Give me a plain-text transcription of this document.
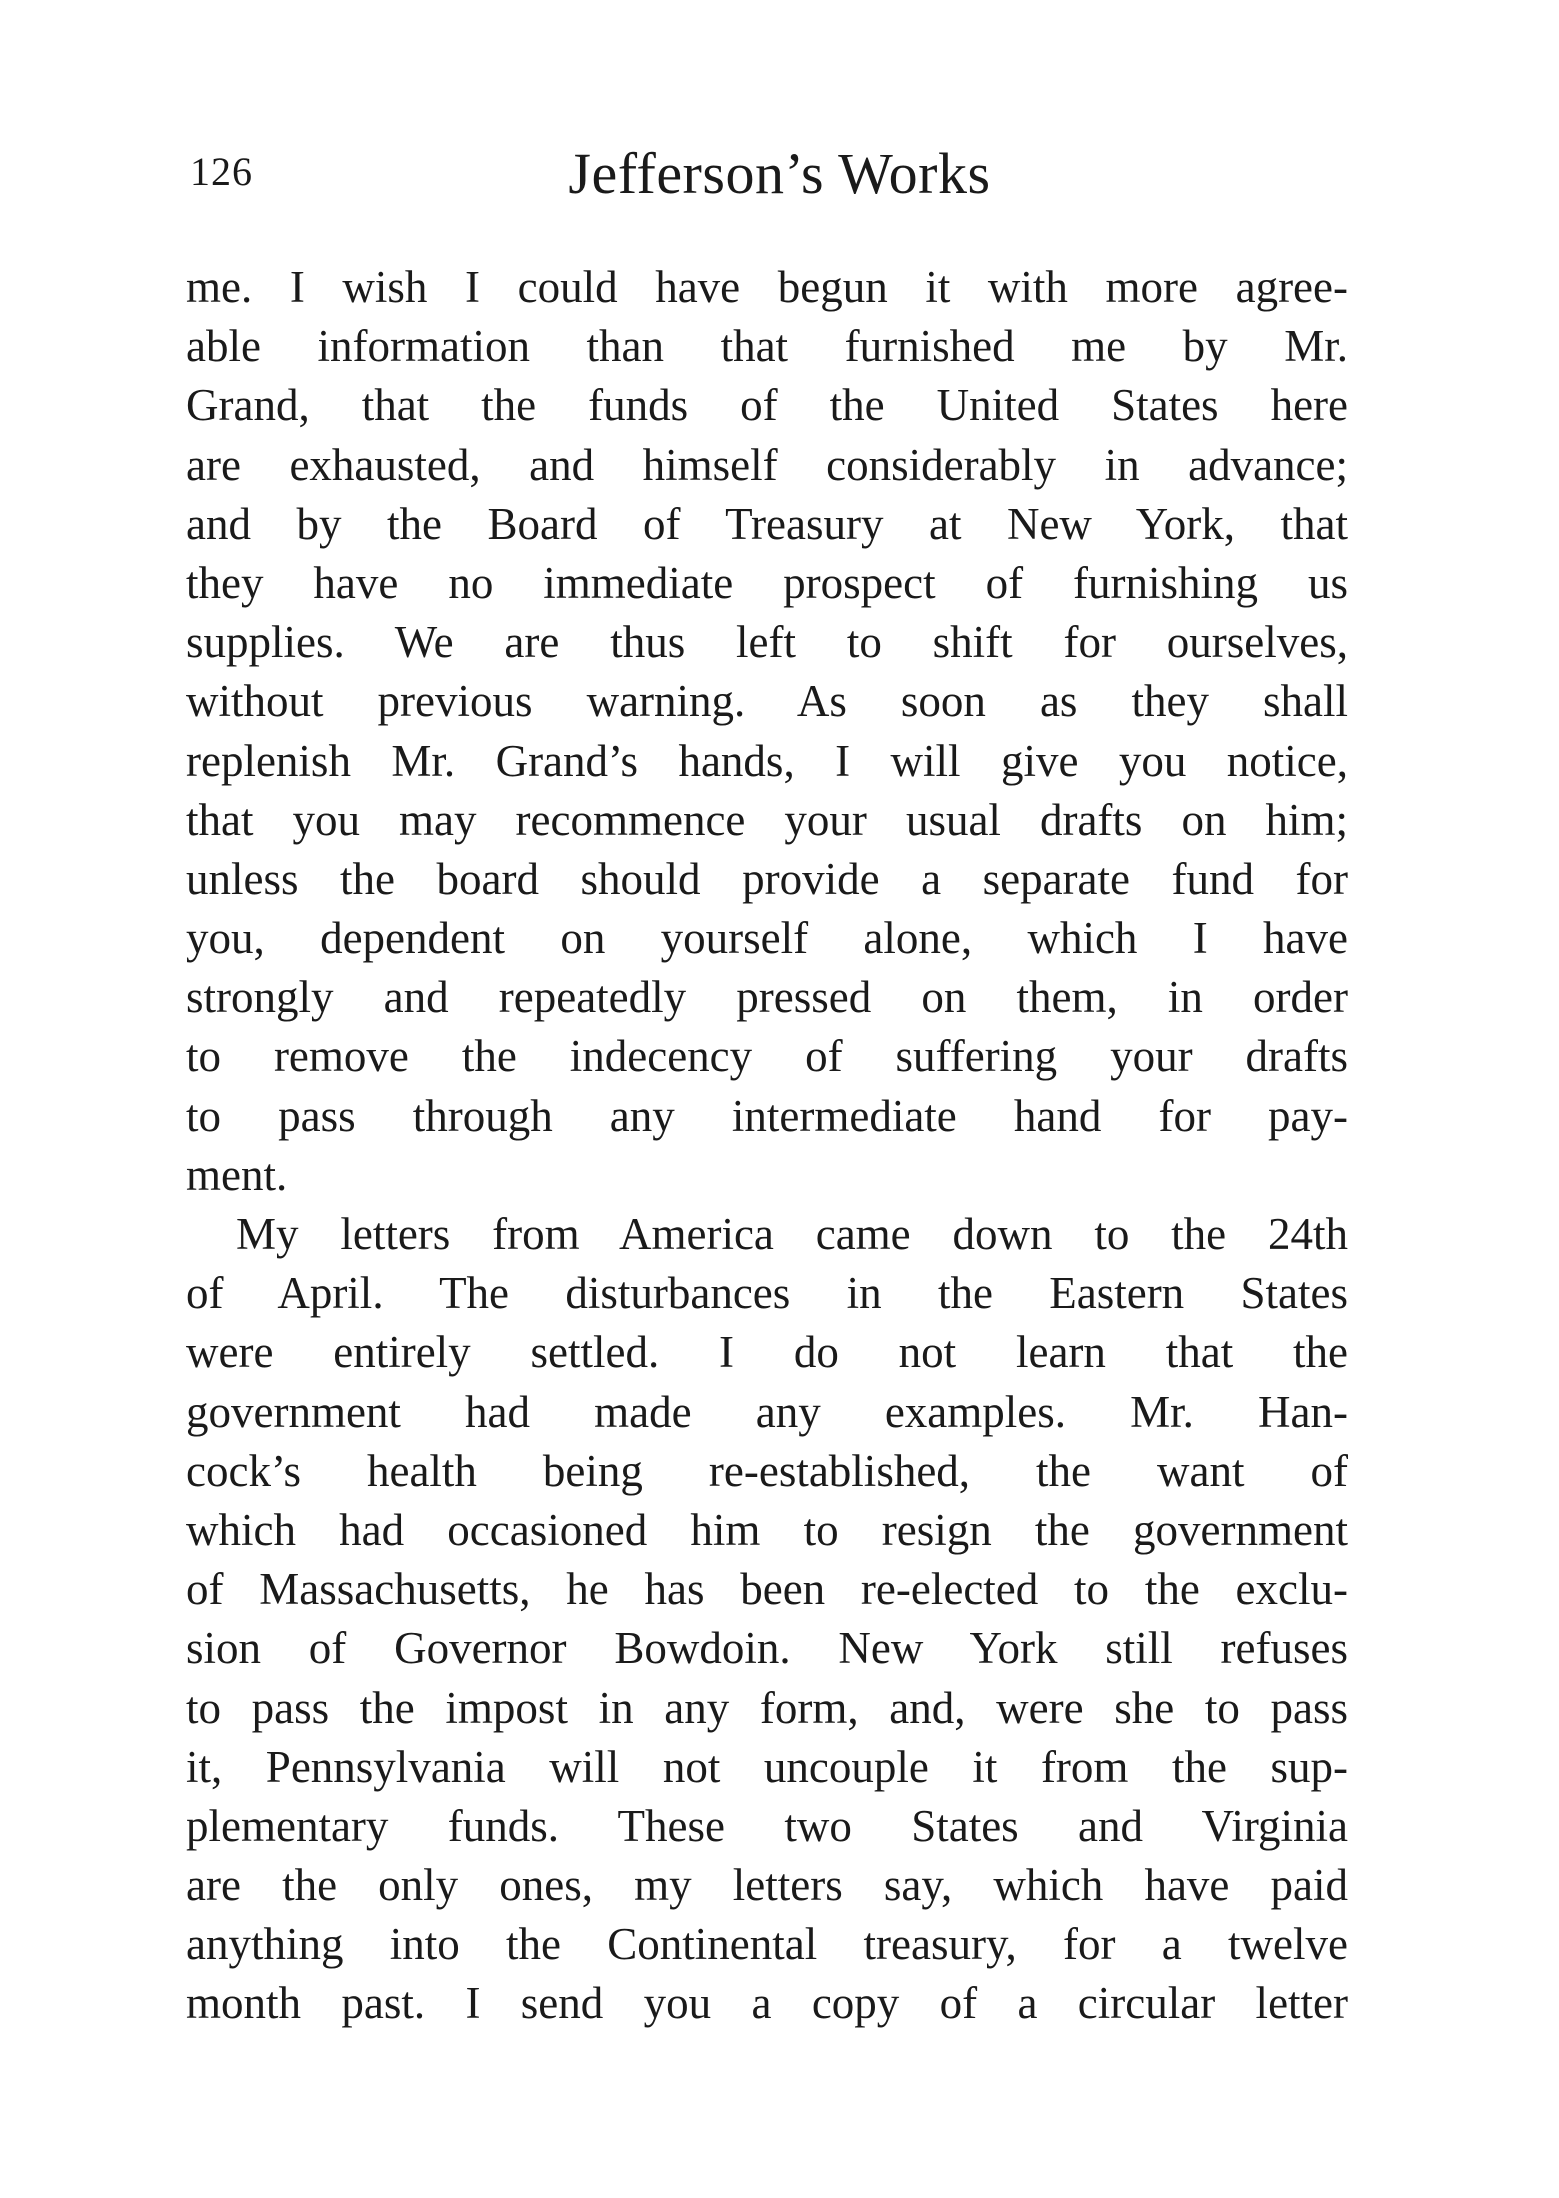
126	Jefferson’s Works
me. I wish I could have begun it with more agree-
able information than that furnished me by Mr.
Grand, that the funds of the United States here
are exhausted, and himself considerably in advance;
and by the Board of Treasury at New York, that
they have no immediate prospect of furnishing us
supplies. We are thus left to shift for ourselves,
without previous warning. As soon as they shall
replenish Mr. Grand’s hands, I will give you notice,
that you may recommence your usual drafts on him;
unless the board should provide a separate fund for
you, dependent on yourself alone, which I have
strongly and repeatedly pressed on them, in order
to remove the indecency of suffering your drafts
to pass through any intermediate hand for pay-
ment.
My letters from America came down to the 24th
of April. The disturbances in the Eastern States
were entirely settled. I do not learn that the
government had made any examples. Mr. Han-
cock’s health being re-established, the want of
which had occasioned him to resign the government
of Massachusetts, he has been re-elected to the exclu-
sion of Governor Bowdoin. New York still refuses
to pass the impost in any form, and, were she to pass
it, Pennsylvania will not uncouple it from the sup-
plementary funds. These two States and Virginia
are the only ones, my letters say, which have paid
anything into the Continental treasury, for a twelve
month past. I send you a copy of a circular letter
